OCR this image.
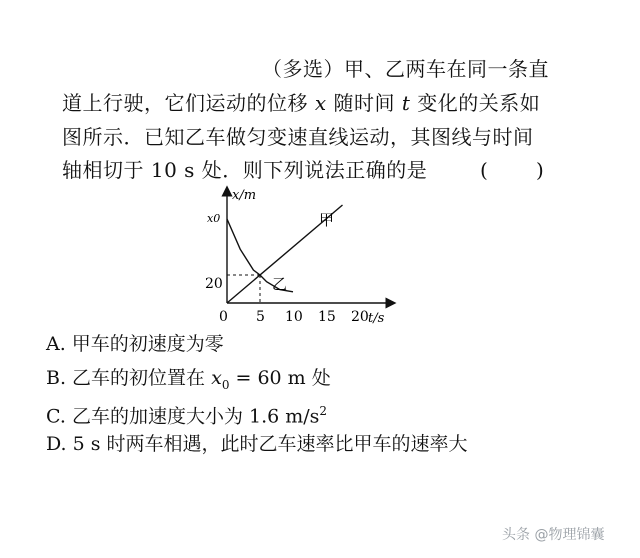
（多选）甲、乙两车在同一条直
道上行驶，它们运动的位移 x 随时间 t 变化的关系如
图所示．已知乙车做匀变速直线运动，其图线与时间
轴相切于 10 s 处．则下列说法正确的是	( )
x/m
t/s
x0
20
0 5 10 15 20
甲
乙
A. 甲车的初速度为零
B. 乙车的初位置在 $x_0 = 60$ m 处
C. 乙车的加速度大小为 1.6 $m/s^2$
D. 5 s 时两车相遇，此时乙车速率比甲车的速率大
头条 @物理锦囊
